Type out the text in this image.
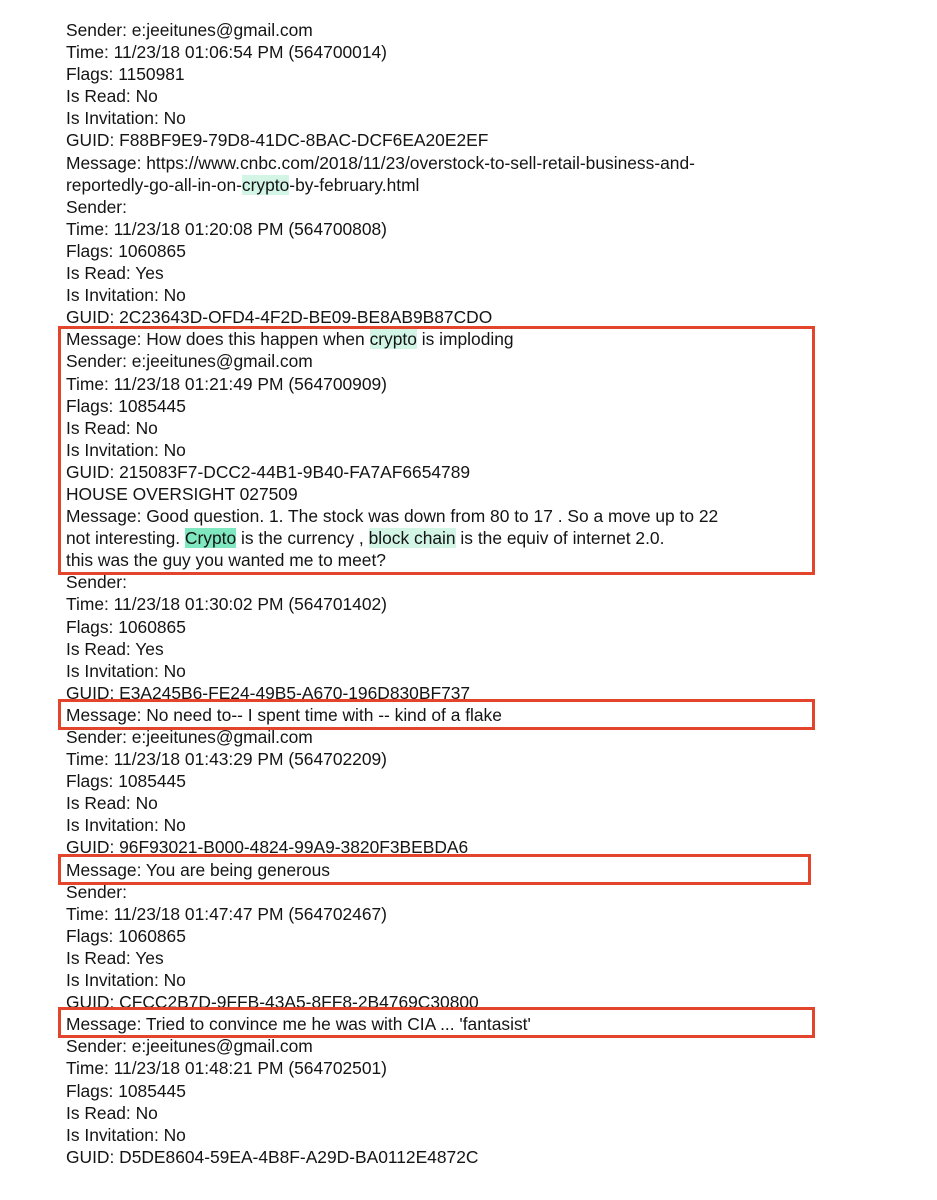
Sender: e:jeeitunes@gmail.com
Time: 11/23/18 01:06:54 PM (564700014)
Flags: 1150981
Is Read: No
Is Invitation: No
GUID: F88BF9E9-79D8-41DC-8BAC-DCF6EA20E2EF
Message: https://www.cnbc.com/2018/11/23/overstock-to-sell-retail-business-and-
reportedly-go-all-in-on-crypto-by-february.html
Sender:
Time: 11/23/18 01:20:08 PM (564700808)
Flags: 1060865
Is Read: Yes
Is Invitation: No
GUID: 2C23643D-OFD4-4F2D-BE09-BE8AB9B87CDO
Message: How does this happen when crypto is imploding
Sender: e:jeeitunes@gmail.com
Time: 11/23/18 01:21:49 PM (564700909)
Flags: 1085445
Is Read: No
Is Invitation: No
GUID: 215083F7-DCC2-44B1-9B40-FA7AF6654789
HOUSE OVERSIGHT 027509
Message: Good question. 1. The stock was down from 80 to 17 . So a move up to 22
not interesting. Crypto is the currency , block chain is the equiv of internet 2.0.
this was the guy you wanted me to meet?
Sender:
Time: 11/23/18 01:30:02 PM (564701402)
Flags: 1060865
Is Read: Yes
Is Invitation: No
GUID: E3A245B6-FE24-49B5-A670-196D830BF737
Message: No need to-- I spent time with -- kind of a flake
Sender: e:jeeitunes@gmail.com
Time: 11/23/18 01:43:29 PM (564702209)
Flags: 1085445
Is Read: No
Is Invitation: No
GUID: 96F93021-B000-4824-99A9-3820F3BEBDA6
Message: You are being generous
Sender:
Time: 11/23/18 01:47:47 PM (564702467)
Flags: 1060865
Is Read: Yes
Is Invitation: No
GUID: CFCC2B7D-9FFB-43A5-8FF8-2B4769C30800
Message: Tried to convince me he was with CIA ... 'fantasist'
Sender: e:jeeitunes@gmail.com
Time: 11/23/18 01:48:21 PM (564702501)
Flags: 1085445
Is Read: No
Is Invitation: No
GUID: D5DE8604-59EA-4B8F-A29D-BA0112E4872C
